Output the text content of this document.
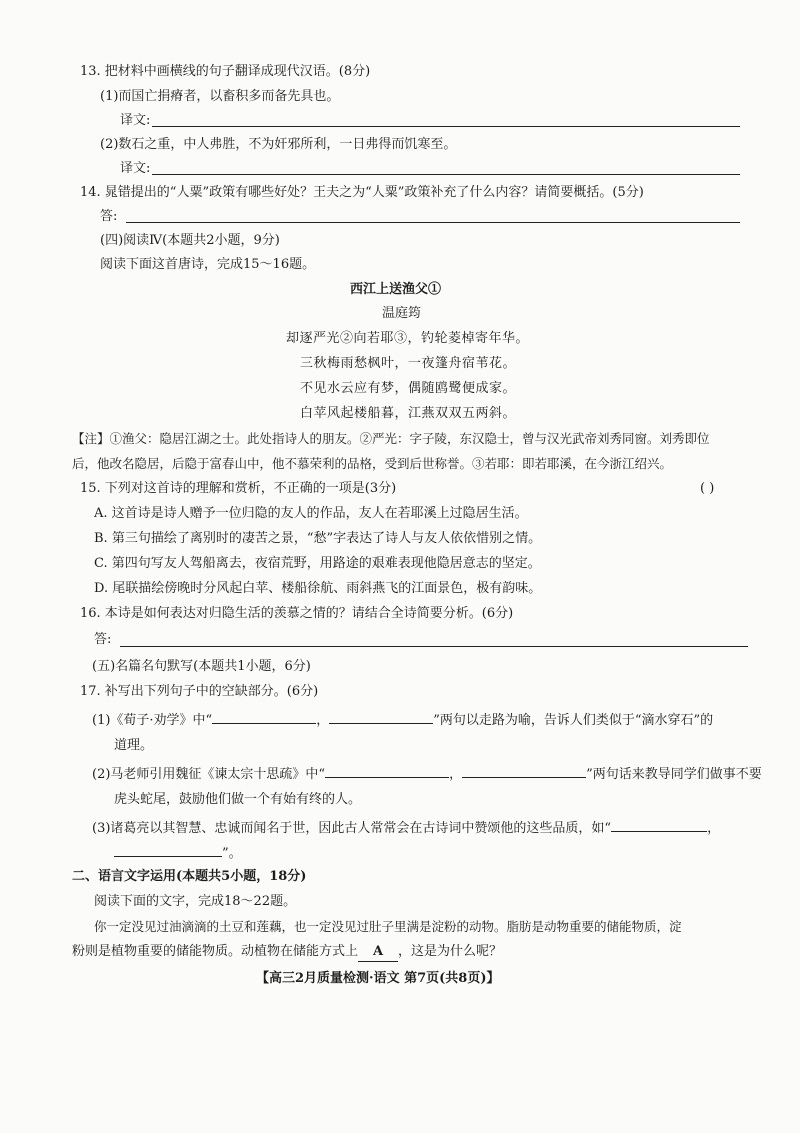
13. 把材料中画横线的句子翻译成现代汉语。(8分)
(1)而国亡捐瘠者，以畜积多而备先具也。
译文:
(2)数石之重，中人弗胜，不为奸邪所利，一日弗得而饥寒至。
译文:
14. 晁错提出的“人粟”政策有哪些好处？王夫之为“人粟”政策补充了什么内容？请简要概括。(5分)
答:
(四)阅读Ⅳ(本题共2小题，9分)
阅读下面这首唐诗，完成15～16题。
西江上送渔父①
温庭筠
却逐严光②向若耶③，钓轮菱棹寄年华。
三秋梅雨愁枫叶，一夜篷舟宿苇花。
不见水云应有梦，偶随鸥鹭便成家。
白苹风起楼船暮，江燕双双五两斜。
【注】①渔父：隐居江湖之士。此处指诗人的朋友。②严光：字子陵，东汉隐士，曾与汉光武帝刘秀同窗。刘秀即位
后，他改名隐居，后隐于富春山中，他不慕荣利的品格，受到后世称誉。③若耶：即若耶溪，在今浙江绍兴。
15. 下列对这首诗的理解和赏析，不正确的一项是(3分)	( )
A. 这首诗是诗人赠予一位归隐的友人的作品，友人在若耶溪上过隐居生活。
B. 第三句描绘了离别时的凄苦之景，“愁”字表达了诗人与友人依依惜别之情。
C. 第四句写友人驾船离去，夜宿荒野，用路途的艰难表现他隐居意志的坚定。
D. 尾联描绘傍晚时分风起白苹、楼船徐航、雨斜燕飞的江面景色，极有韵味。
16. 本诗是如何表达对归隐生活的羡慕之情的？请结合全诗简要分析。(6分)
答:
(五)名篇名句默写(本题共1小题，6分)
17. 补写出下列句子中的空缺部分。(6分)
(1)《荀子·劝学》中“	，	”两句以走路为喻，告诉人们类似于“滴水穿石”的
道理。
(2)马老师引用魏征《谏太宗十思疏》中“	，	”两句话来教导同学们做事不要
虎头蛇尾，鼓励他们做一个有始有终的人。
(3)诸葛亮以其智慧、忠诚而闻名于世，因此古人常常会在古诗词中赞颂他的这些品质，如“	，
”。
二、语言文字运用(本题共5小题，18分)
阅读下面的文字，完成18～22题。
你一定没见过油滴滴的土豆和莲藕，也一定没见过肚子里满是淀粉的动物。脂肪是动物重要的储能物质，淀
粉则是植物重要的储能物质。动植物在储能方式上 A ，这是为什么呢？
【高三2月质量检测·语文 第7页(共8页)】
